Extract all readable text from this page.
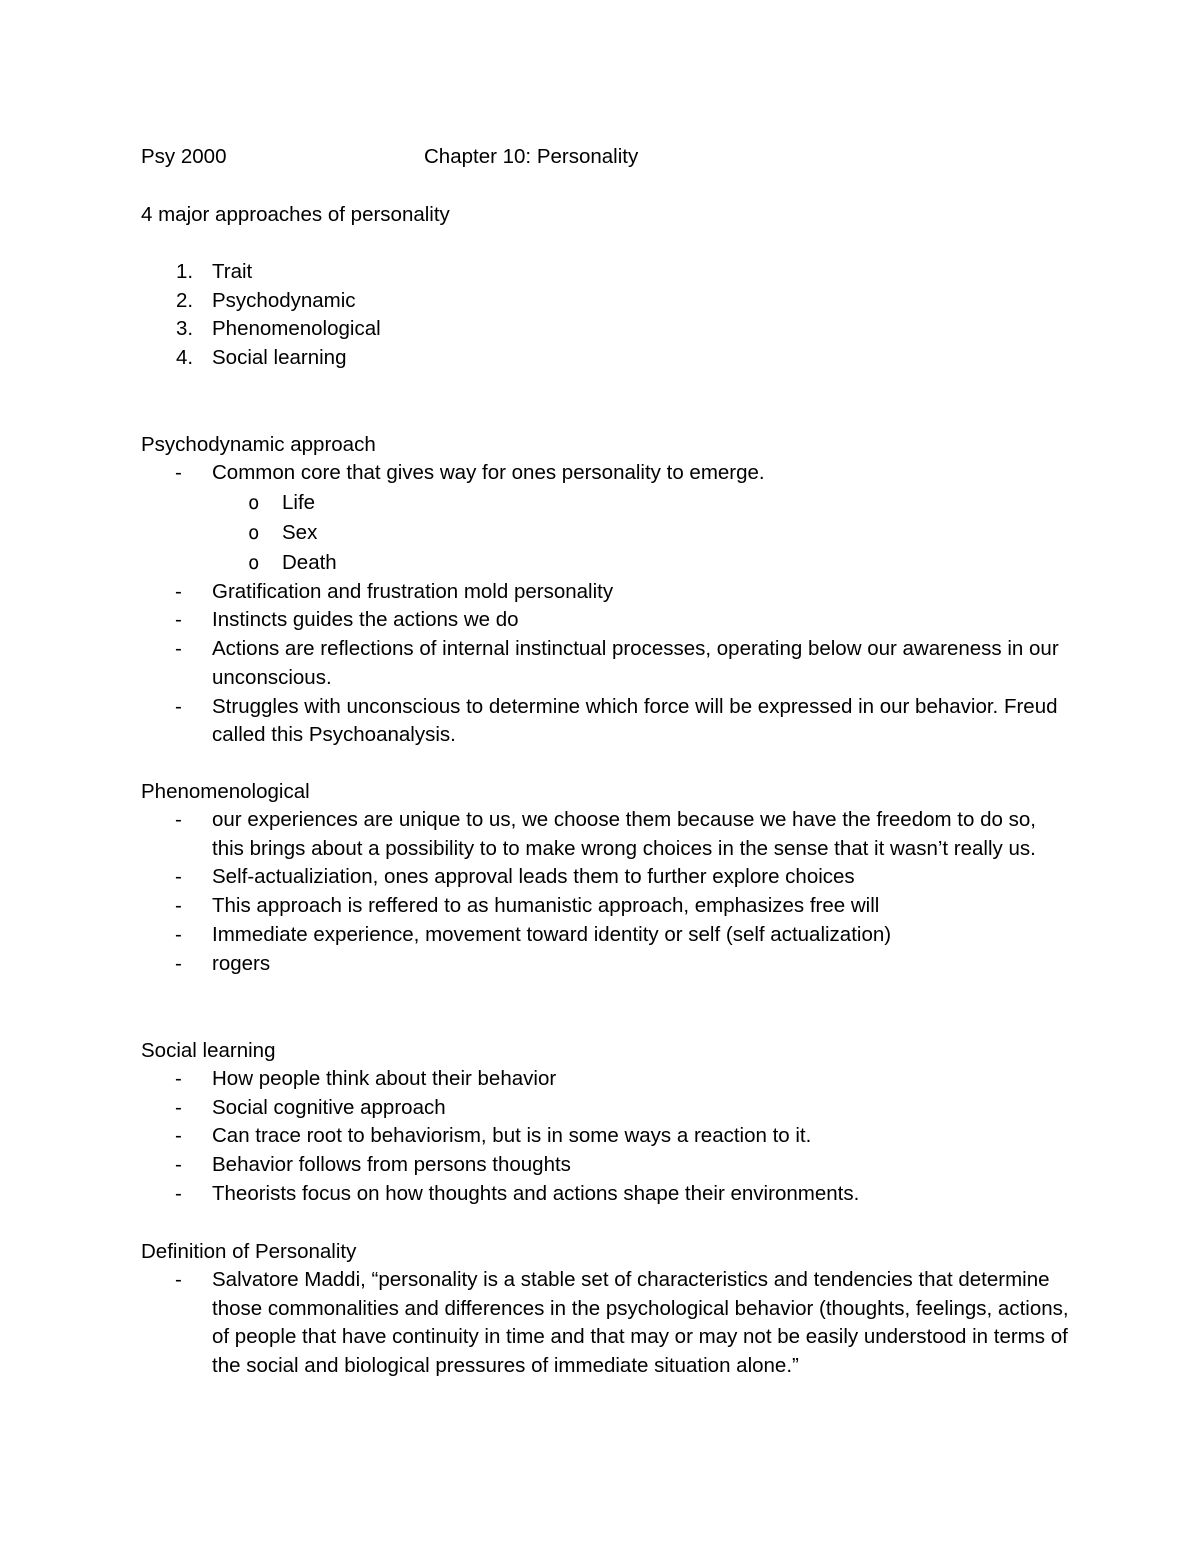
Psy 2000	Chapter 10: Personality
4 major approaches of personality
1. Trait
2. Psychodynamic
3. Phenomenological
4. Social learning
Psychodynamic approach
-	Common core that gives way for ones personality to emerge.
o	Life
o	Sex
o	Death
-	Gratification and frustration mold personality
-	Instincts guides the actions we do
-	Actions are reflections of internal instinctual processes, operating below our awareness in our unconscious.
-	Struggles with unconscious to determine which force will be expressed in our behavior. Freud called this Psychoanalysis.
Phenomenological
-	our experiences are unique to us, we choose them because we have the freedom to do so, this brings about a possibility to to make wrong choices in the sense that it wasn’t really us.
-	Self-actualiziation, ones approval leads them to further explore choices
-	This approach is reffered to as humanistic approach, emphasizes free will
-	Immediate experience, movement toward identity or self (self actualization)
-	rogers
Social learning
-	How people think about their behavior
-	Social cognitive approach
-	Can trace root to behaviorism, but is in some ways a reaction to it.
-	Behavior follows from persons thoughts
-	Theorists focus on how thoughts and actions shape their environments.
Definition of Personality
-	Salvatore Maddi, “personality is a stable set of characteristics and tendencies that determine those commonalities and differences in the psychological behavior (thoughts, feelings, actions, of people that have continuity in time and that may or may not be easily understood in terms of the social and biological pressures of immediate situation alone.”
